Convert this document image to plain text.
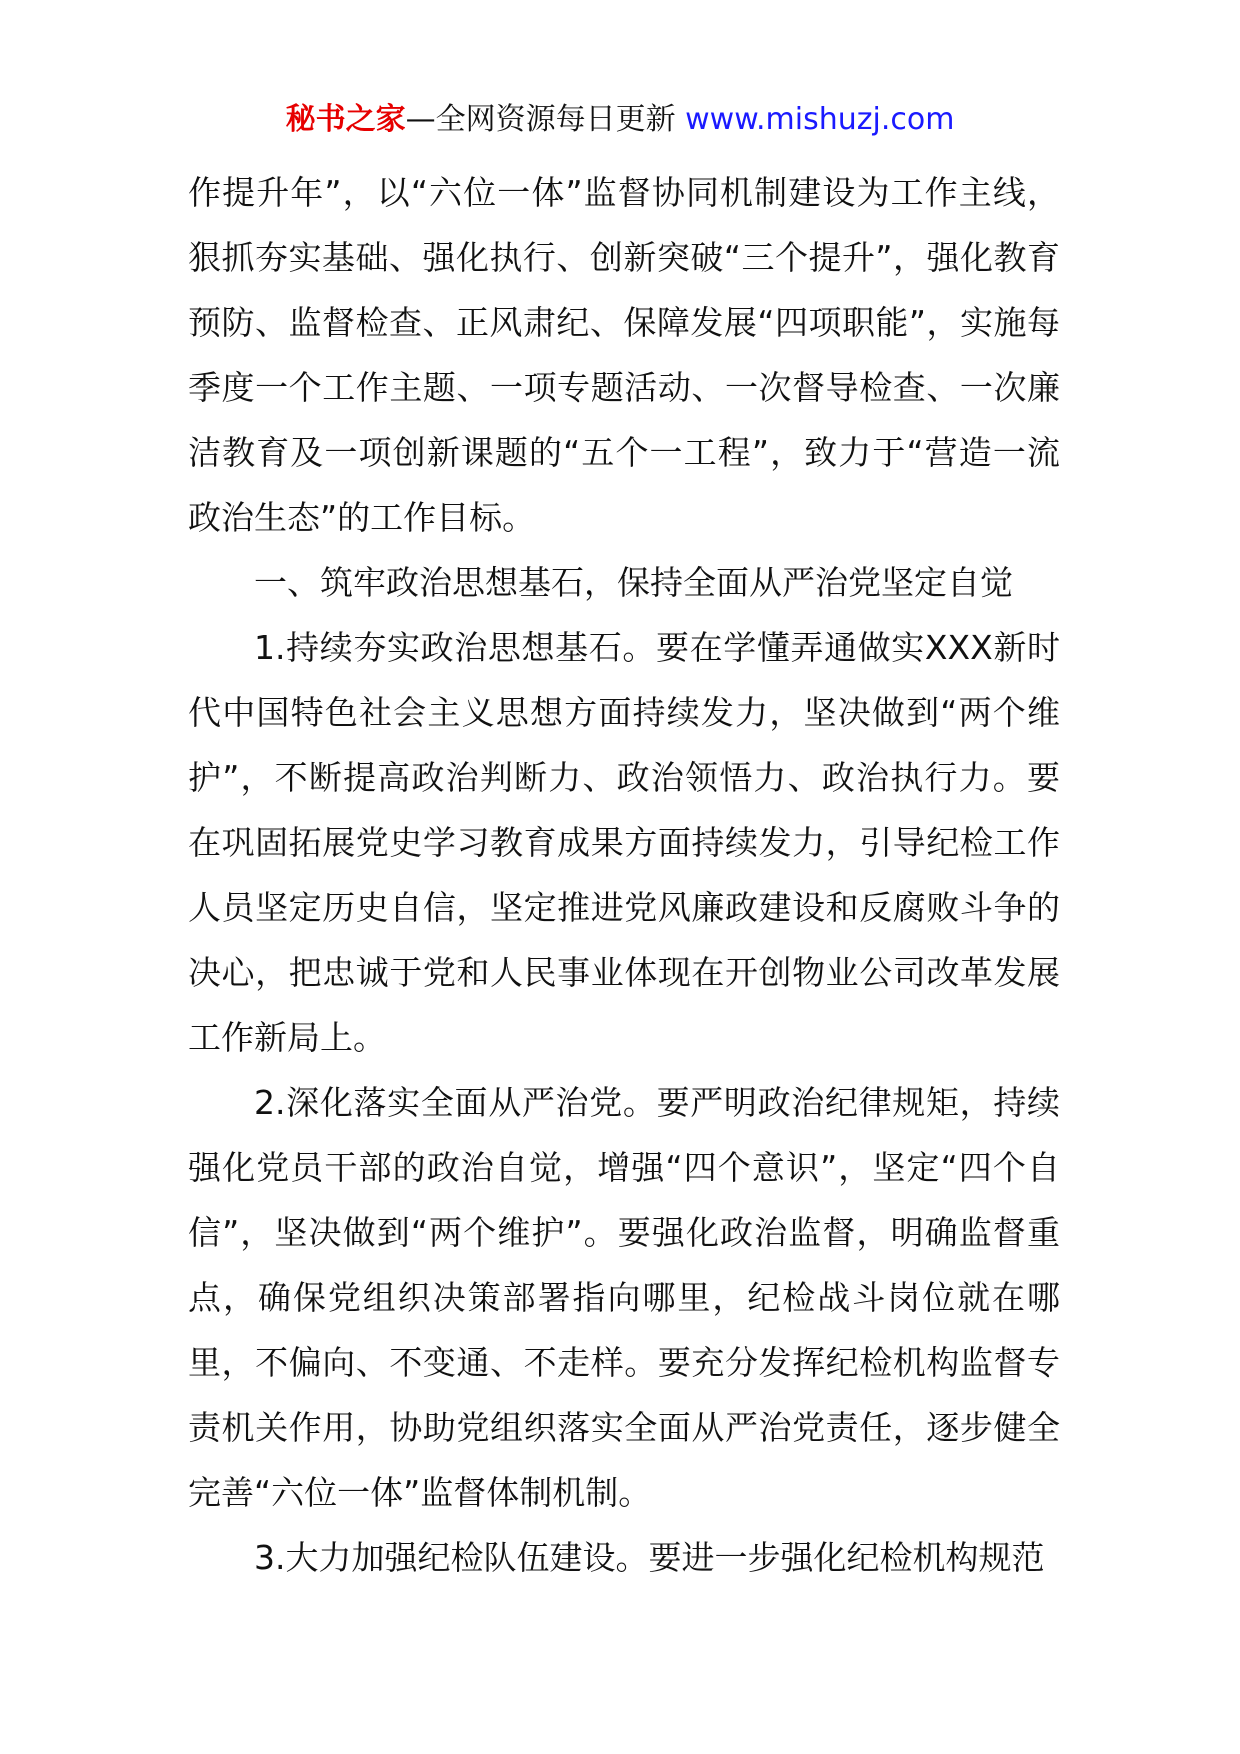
秘书之家—全网资源每日更新 www.mishuzj.com

作提升年”，以“六位一体”监督协同机制建设为工作主线，狠抓夯实基础、强化执行、创新突破“三个提升”，强化教育预防、监督检查、正风肃纪、保障发展“四项职能”，实施每季度一个工作主题、一项专题活动、一次督导检查、一次廉洁教育及一项创新课题的“五个一工程”，致力于“营造一流政治生态”的工作目标。

一、筑牢政治思想基石，保持全面从严治党坚定自觉

1.持续夯实政治思想基石。要在学懂弄通做实XXX新时代中国特色社会主义思想方面持续发力，坚决做到“两个维护”，不断提高政治判断力、政治领悟力、政治执行力。要在巩固拓展党史学习教育成果方面持续发力，引导纪检工作人员坚定历史自信，坚定推进党风廉政建设和反腐败斗争的决心，把忠诚于党和人民事业体现在开创物业公司改革发展工作新局上。

2.深化落实全面从严治党。要严明政治纪律规矩，持续强化党员干部的政治自觉，增强“四个意识”，坚定“四个自信”，坚决做到“两个维护”。要强化政治监督，明确监督重点，确保党组织决策部署指向哪里，纪检战斗岗位就在哪里，不偏向、不变通、不走样。要充分发挥纪检机构监督专责机关作用，协助党组织落实全面从严治党责任，逐步健全完善“六位一体”监督体制机制。

3.大力加强纪检队伍建设。要进一步强化纪检机构规范
